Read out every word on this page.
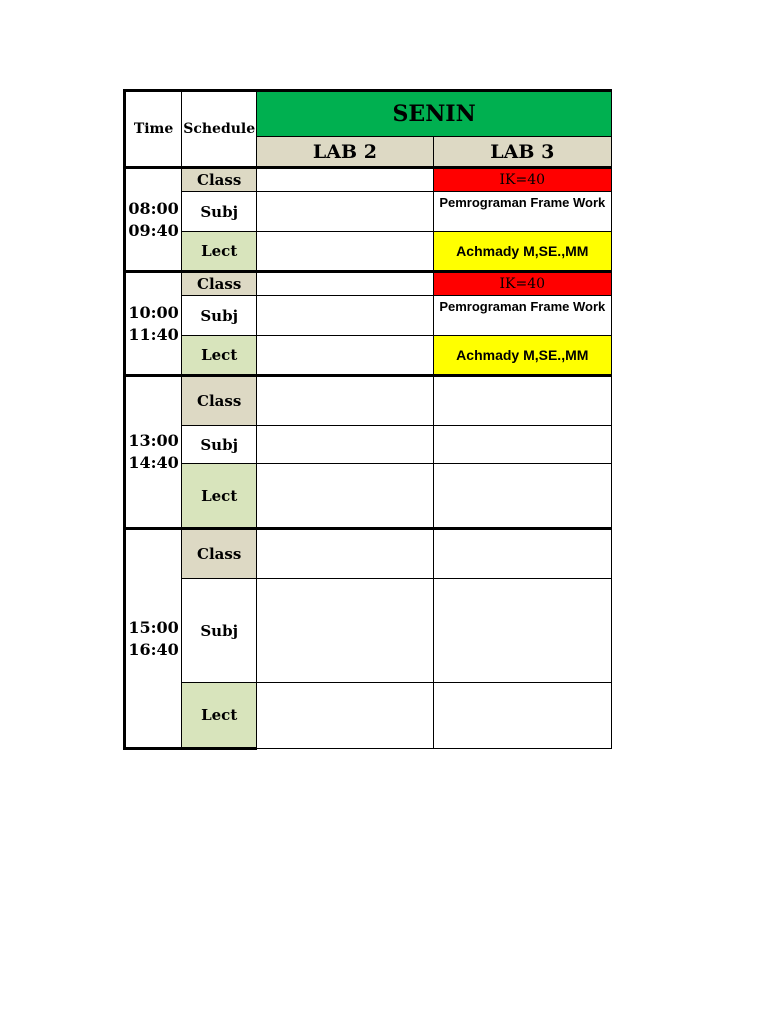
Time	Schedule	SENIN	
		LAB 2	LAB 3
08:00
09:40	Class		IK=40
	Subj		Pemrograman Frame Work
	Lect		Achmady M,SE.,MM
10:00
11:40	Class		IK=40
	Subj		Pemrograman Frame Work
	Lect		Achmady M,SE.,MM
13:00
14:40	Class		
	Subj		
	Lect		
15:00
16:40	Class		
	Subj		
	Lect		
